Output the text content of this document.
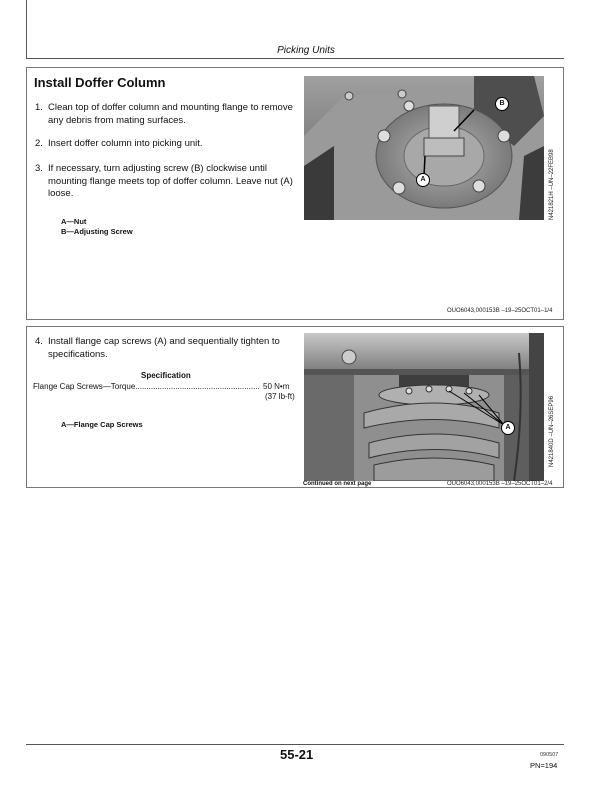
Picking Units
Install Doffer Column
1. Clean top of doffer column and mounting flange to remove any debris from mating surfaces.
2. Insert doffer column into picking unit.
3. If necessary, turn adjusting screw (B) clockwise until mounting flange meets top of doffer column. Leave nut (A) loose.
A—Nut
B—Adjusting Screw
B
A	N421821H –UN–22FEB98
OUO6043,000153B –19–25OCT01–1/4
4. Install flange cap screws (A) and sequentially tighten to specifications.
Specification
Flange Cap Screws—Torque........................................................ 50 N•m
(37 lb-ft)
A—Flange Cap Screws	A	N421840D –UN–26SEP96
Continued on next page	OUO6043,000153B –19–25OCT01–2/4
55-21	090507
PN=194
